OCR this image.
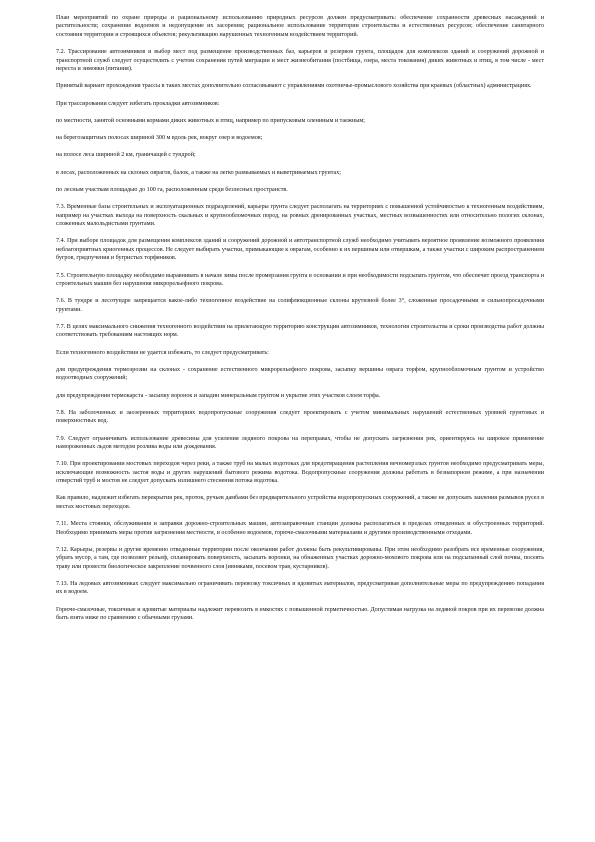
План мероприятий по охране природы и рациональному использованию природных ресурсов должен предусматривать: обеспечение сохранности древесных насаждений и растительности; сохранение водоемов и недопущение их засорения; рациональное использование территории строительства и естественных ресурсов; обеспечение санитарного состояния территории и строящихся объектов; рекультивацию нарушенных техногенным воздействием территорий.

7.2. Трассирование автозимников и выбор мест под размещение производственных баз, карьеров и резервов грунта, площадок для комплексов зданий и сооружений дорожной и транспортной служб следует осуществлять с учетом сохранения путей миграции и мест жизнеобитания (постбища, озера, места токования) диких животных и птиц, в том числе - мест нереста и зимовки (питания).

Принятый вариант прохождения трассы в таких местах дополнительно согласовывают с управлениями охотничье-промыслового хозяйства при краевых (областных) администрациях.

При трассировании следует избегать прокладки автозимников:

по местности, занятой основными кормами диких животных и птиц, например по припусковым олениным и таежным;

на берегозащитных полосах шириной 300 м вдоль рек, вокруг озер и водоемов;

на полосе леса шириной 2 км, граничащей с тундрой;

в лесах, расположенных на склонах оврагов, балок, а также на легко размываемых и выветриваемых грунтах;

по лесным участкам площадью до 100 га, расположенным среди безлесных пространств.

7.3. Временные базы строительных и эксплуатационных подразделений, карьеры грунта следует располагать на территориях с повышенной устойчивостью к техногенным воздействиям, например на участках выхода на поверхность скальных и крупнообломочных пород, на ровных дренированных участках, местных возвышенностях или относительно пологих склонах, сложенных малольдистыми грунтами.

7.4. При выборе площадок для размещения комплексов зданий и сооружений дорожной и автотранспортной служб необходимо учитывать вероятное проявление возможного проявления неблагоприятных криогенных процессов. Не следует выбирать участки, примыкающие к оврагам, особенно к их вершинам или отвершкам, а также участки с широким распространением бугров, грядпучения и бугристых торфяников.

7.5. Строительную площадку необходимо выравнивать в начале зимы после промерзания грунта в основании и при необходимости подсыпать грунтом, что обеспечит проезд транспорта и строительных машин без нарушения микрорельефного покрова.

7.6. В тундре и лесотундре запрещается какое-либо техногенное воздействие на солифлюкционные склоны крутизной более 3°, сложенные просадочными и сильнопросадочными грунтами.

7.7. В целях максимального снижения техногенного воздействия на прилегающую территорию конструкции автозимников, технология строительства и сроки производства работ должны соответствовать требованиям настоящих норм.

Если техногенного воздействия не удается избежать, то следует предусматривать:

для предупреждения термоэрозии на склонах - сохранение естественного микрорельефного покрова, засыпку вершины оврага торфом, крупнообломочным грунтом и устройство водоотводных сооружений;

для предупреждения термокарста - засыпку воронок и западин минеральным грунтом и укрытие этих участков слоем торфа.

7.8. На заболоченных и заозеренных территориях водопропускные сооружения следует проектировать с учетом минимальных нарушений естественных уровней грунтовых и поверхностных вод.

7.9. Следует ограничивать использование древесины для усиления ледяного покрова на переправах, чтобы не допускать загрязнения рек, ориентируясь на широкое применение намороженных льдов методом розлива воды или дождевания.

7.10. При проектировании мостовых переходов через реки, а также труб на малых водотоках для предотвращения растепления вечномерзлых грунтов необходимо предусматривать меры, исключающие возможность застоя воды и других нарушений бытового режима водотока. Водопропускные сооружения должны работать в безнапорном режиме, а при назначении отверстий труб и мостов не следует допускать излишнего стеснения потока водотока.

Как правило, надлежит избегать перекрытия рек, проток, ручьев дамбами без предварительного устройства водопропускных сооружений, а также не допускать заиления размывов русел в местах мостовых переходов.

7.11. Места стоянки, обслуживания и заправки дорожно-строительных машин, автозаправочные станции должны располагаться в пределах отведенных и обустроенных территорий. Необходимо принимать меры против загрязнения местности, и особенно водоемов, горюче-смазочными материалами и другими производственными отходами.

7.12. Карьеры, резервы и другие временно отведенные территории после окончания работ должны быть рекультивированы. При этом необходимо разобрать все временные сооружения, убрать мусор, а там, где позволяет рельеф, спланировать поверхность, засыпать воронки, на обнаженных участках дорожно-мохового покрова или на подсыпанный слой почвы, посеять траву или провести биологическое закрепление почвенного слоя (ивняками, посевом трав, кустарников).

7.13. На ледовых автозимниках следует максимально ограничивать перевозку токсичных и ядовитых материалов, предусматривая дополнительные меры по предупреждению попадания их в водоем.

Горюче-смазочные, токсичные и ядовитые материалы надлежит перевозить в емкостях с повышенной герметичностью. Допустимая нагрузка на ледяной покров при их перевозке должна быть взята ниже по сравнению с обычными грузами.
